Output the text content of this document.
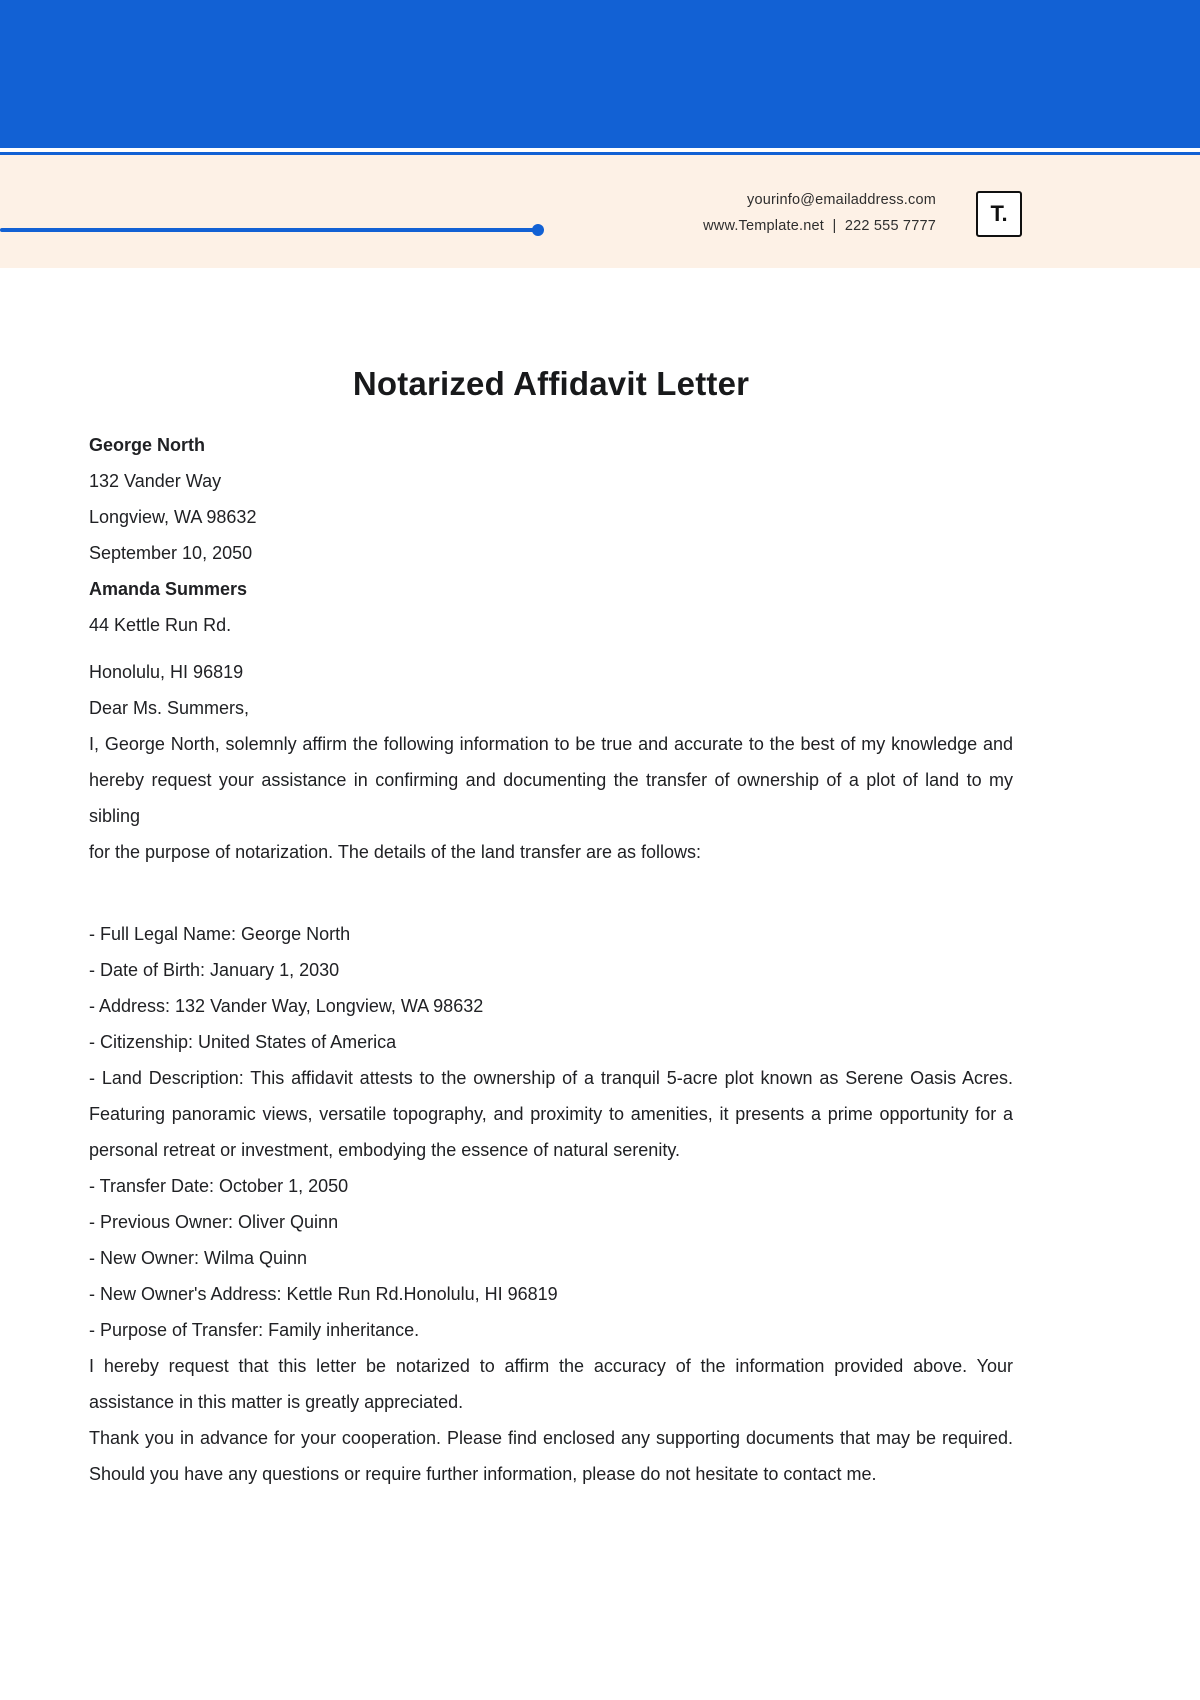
yourinfo@emailaddress.com
www.Template.net | 222 555 7777 T.
Notarized Affidavit Letter
George North
132 Vander Way
Longview, WA 98632
September 10, 2050
Amanda Summers
44 Kettle Run Rd.
Honolulu, HI 96819
Dear Ms. Summers,

I, George North, solemnly affirm the following information to be true and accurate to the best of my knowledge and hereby request your assistance in confirming and documenting the transfer of ownership of a plot of land to my sibling

for the purpose of notarization. The details of the land transfer are as follows:

- Full Legal Name: George North
- Date of Birth: January 1, 2030
- Address: 132 Vander Way, Longview, WA 98632
- Citizenship: United States of America
- Land Description: This affidavit attests to the ownership of a tranquil 5-acre plot known as Serene Oasis Acres. Featuring panoramic views, versatile topography, and proximity to amenities, it presents a prime opportunity for a personal retreat or investment, embodying the essence of natural serenity.
- Transfer Date: October 1, 2050
- Previous Owner: Oliver Quinn
- New Owner: Wilma Quinn
- New Owner's Address: Kettle Run Rd.Honolulu, HI 96819
- Purpose of Transfer: Family inheritance.

I hereby request that this letter be notarized to affirm the accuracy of the information provided above. Your assistance in this matter is greatly appreciated.

Thank you in advance for your cooperation. Please find enclosed any supporting documents that may be required. Should you have any questions or require further information, please do not hesitate to contact me.
